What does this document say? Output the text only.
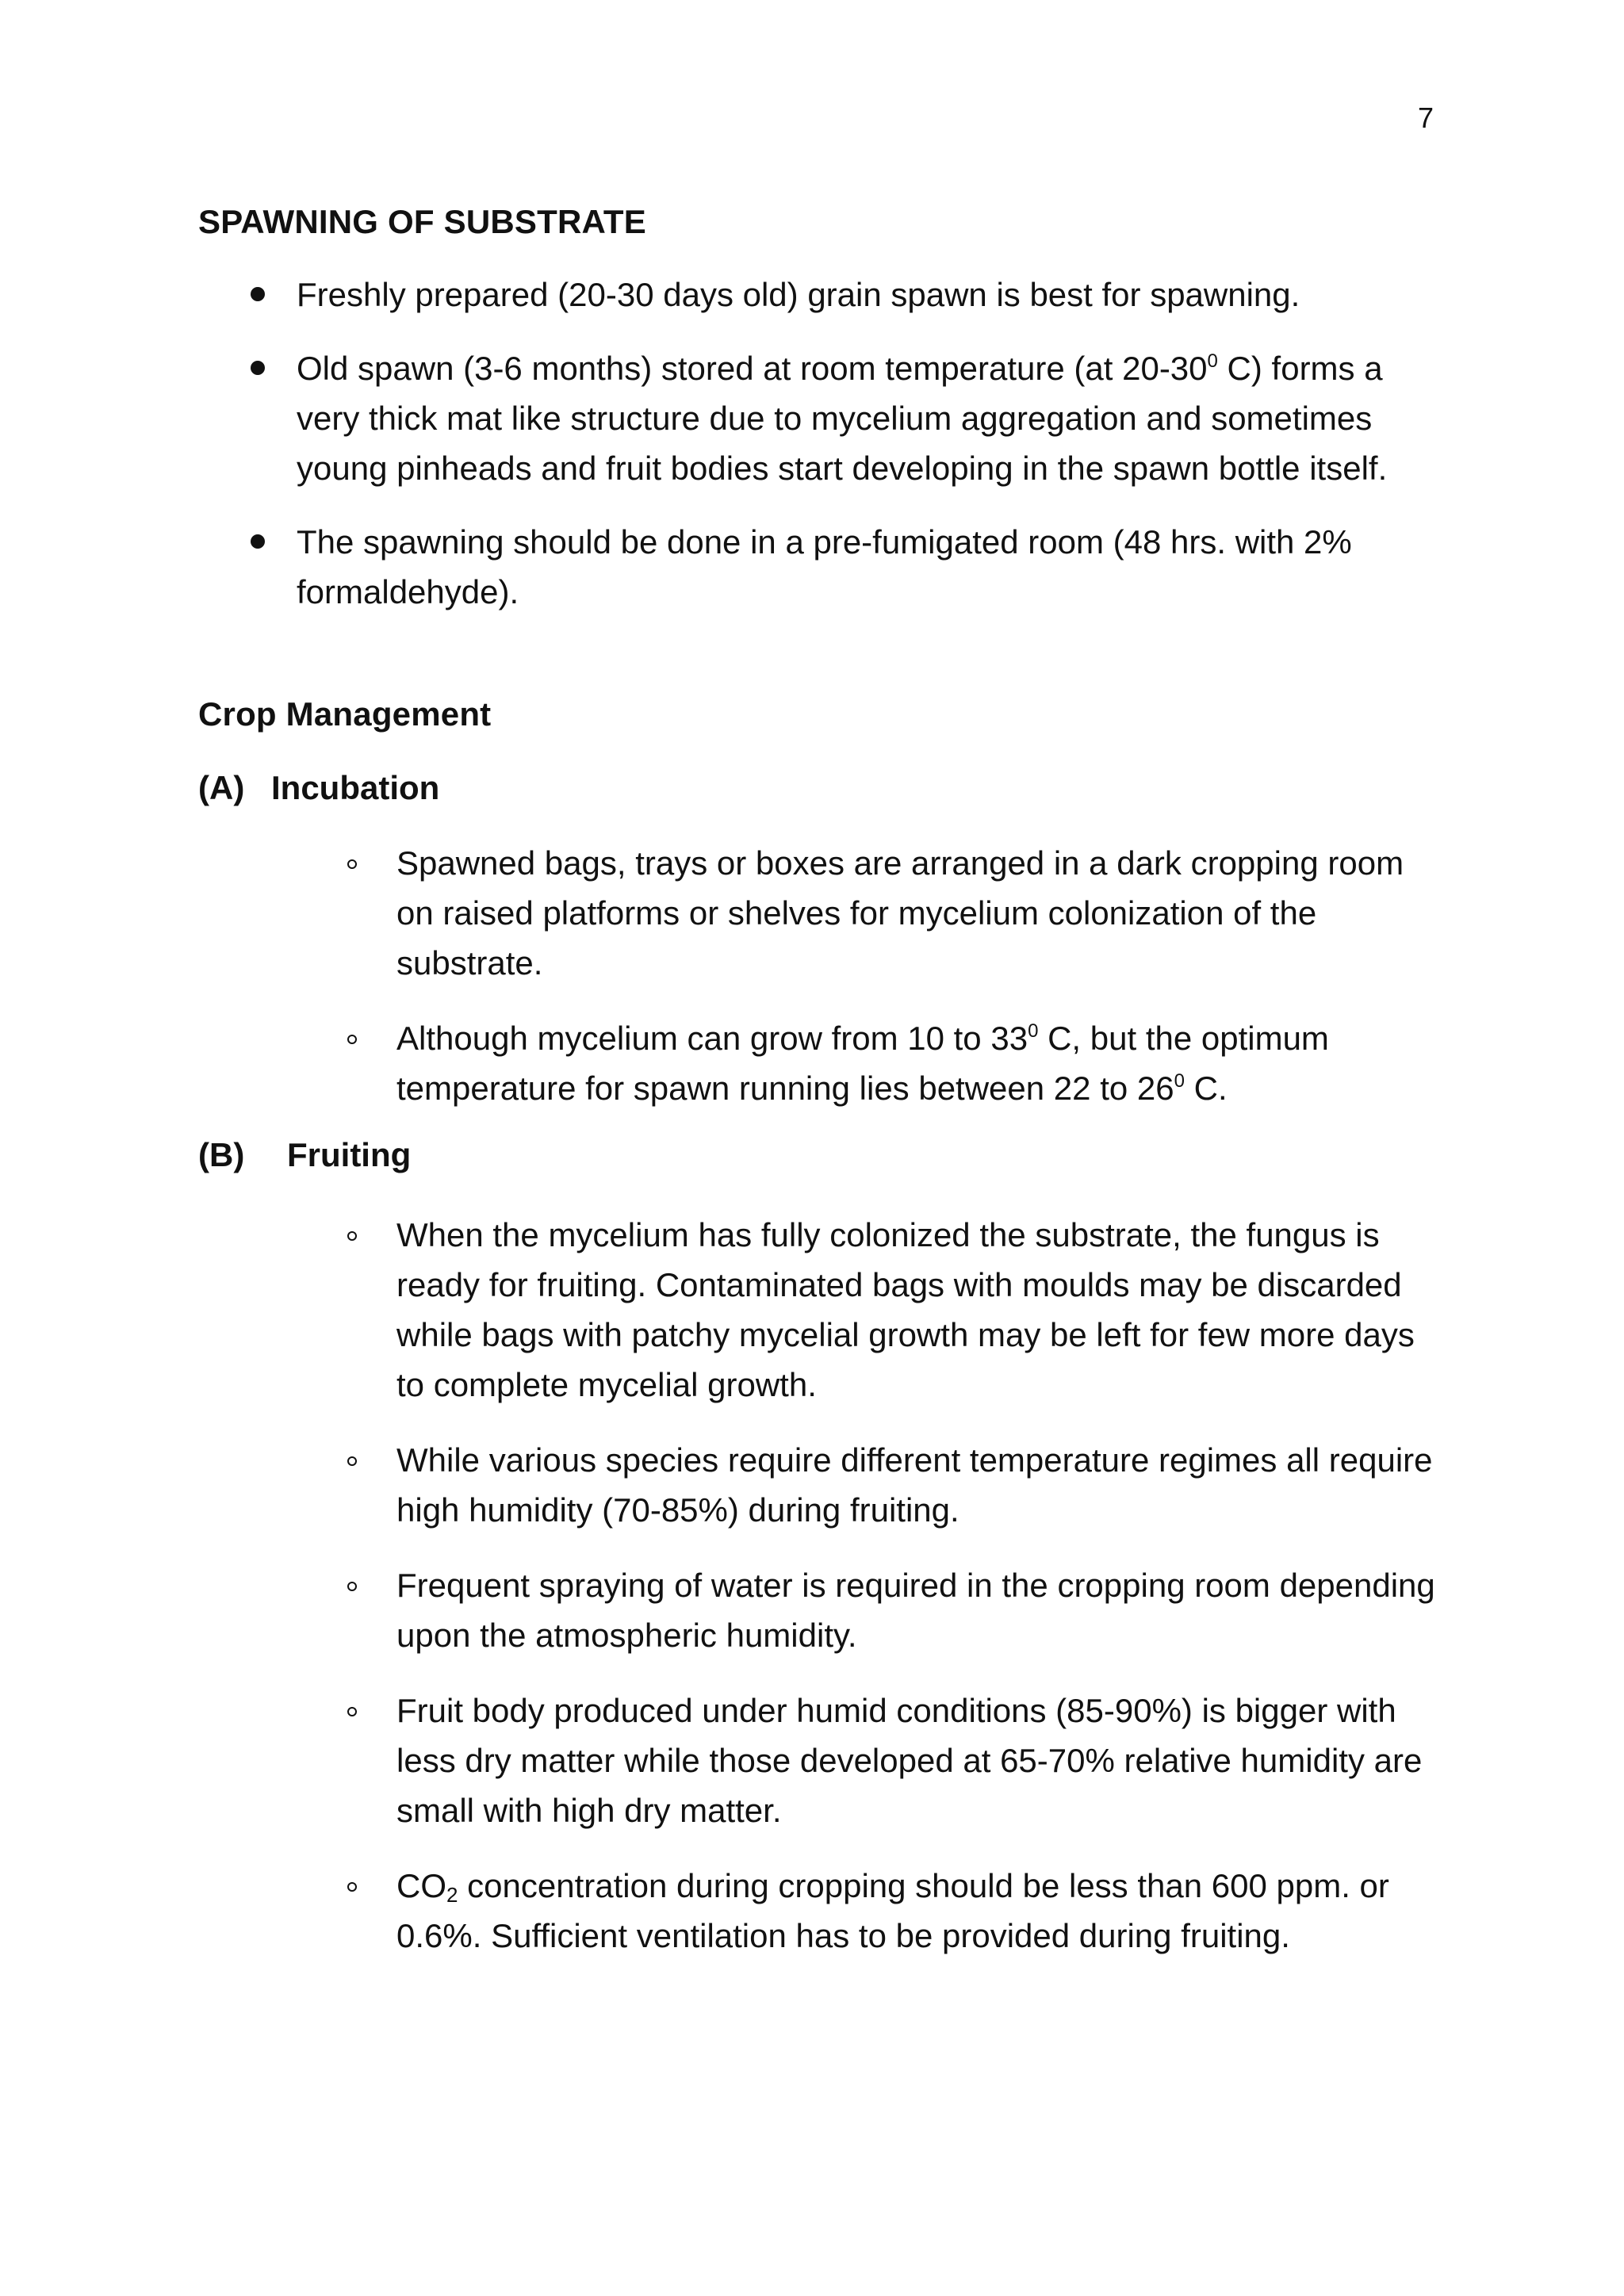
7
SPAWNING OF SUBSTRATE
Freshly prepared (20-30 days old) grain spawn is best for spawning.
Old spawn (3-6 months) stored at room temperature (at $20-30^0$ C) forms a very thick mat like structure due to mycelium aggregation and sometimes young pinheads and fruit bodies start developing in the spawn bottle itself.
The spawning should be done in a pre-fumigated room (48 hrs. with 2% formaldehyde).
Crop Management
(A) Incubation
Spawned bags, trays or boxes are arranged in a dark cropping room on raised platforms or shelves for mycelium colonization of the substrate.
Although mycelium can grow from 10 to $33^0$ C, but the optimum temperature for spawn running lies between 22 to $26^0$ C.
(B) Fruiting
When the mycelium has fully colonized the substrate, the fungus is ready for fruiting. Contaminated bags with moulds may be discarded while bags with patchy mycelial growth may be left for few more days to complete mycelial growth.
While various species require different temperature regimes all require high humidity (70-85%) during fruiting.
Frequent spraying of water is required in the cropping room depending upon the atmospheric humidity.
Fruit body produced under humid conditions (85-90%) is bigger with less dry matter while those developed at 65-70% relative humidity are small with high dry matter.
$CO_2$ concentration during cropping should be less than 600 ppm. or 0.6%. Sufficient ventilation has to be provided during fruiting.
